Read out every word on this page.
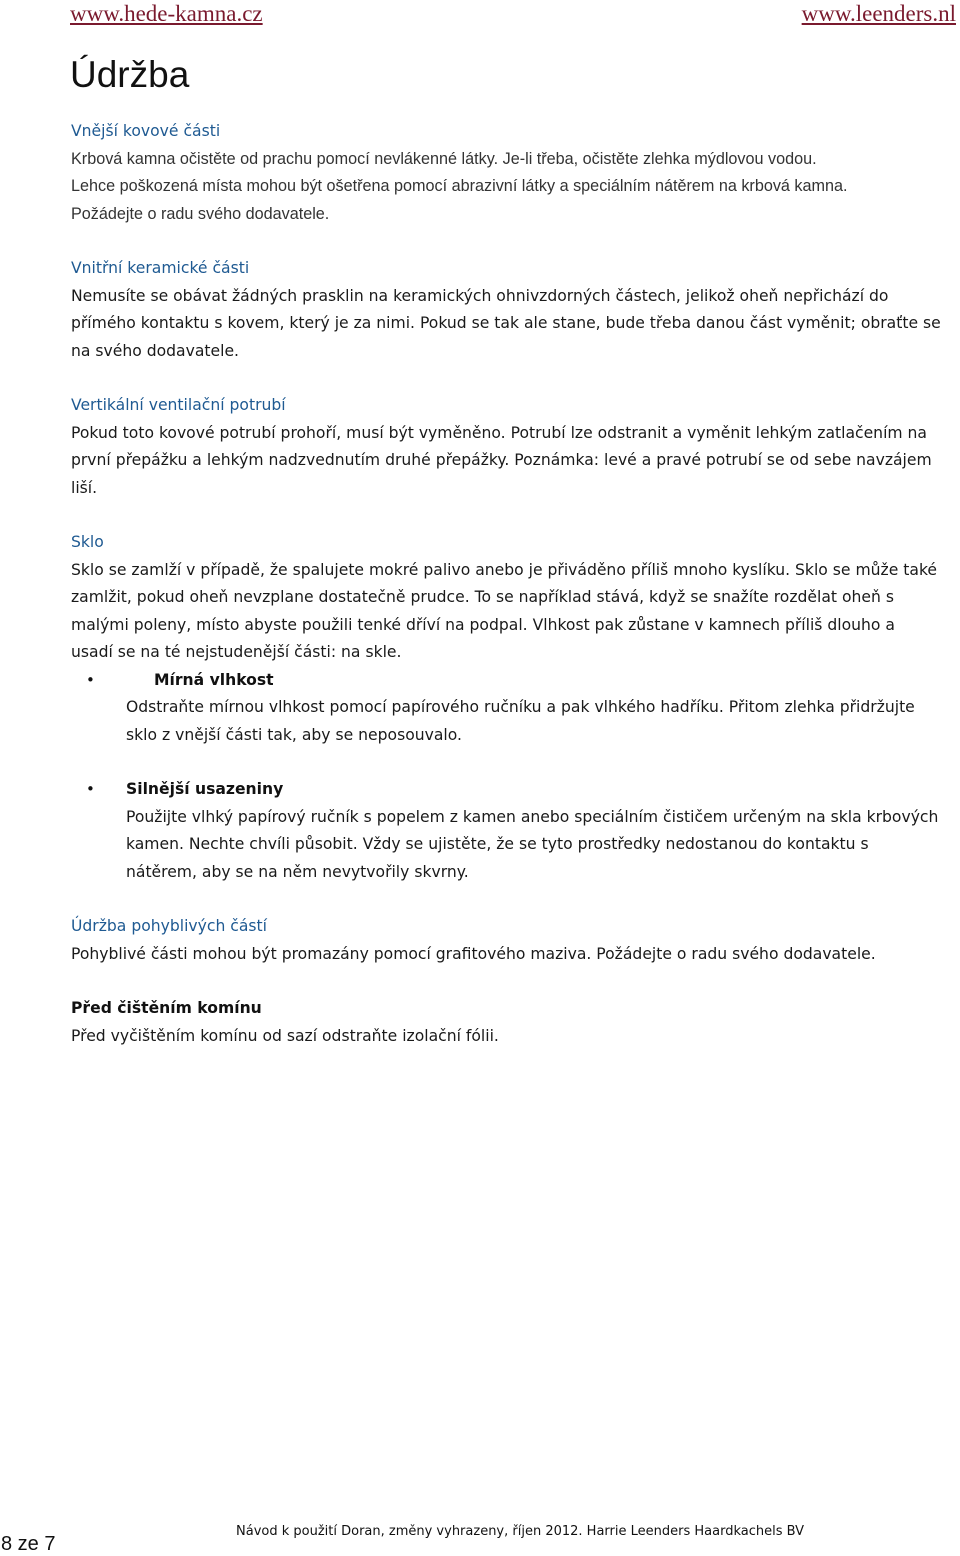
www.hede-kamna.cz	www.leenders.nl
Údržba
Vnější kovové části
Krbová kamna očistěte od prachu pomocí nevlákenné látky. Je-li třeba, očistěte zlehka mýdlovou vodou.
Lehce poškozená místa mohou být ošetřena pomocí abrazivní látky a speciálním nátěrem na krbová kamna.
Požádejte o radu svého dodavatele.
Vnitřní keramické části
Nemusíte se obávat žádných prasklin na keramických ohnivzdorných částech, jelikož oheň nepřichází do
přímého kontaktu s kovem, který je za nimi. Pokud se tak ale stane, bude třeba danou část vyměnit; obraťte se
na svého dodavatele.
Vertikální ventilační potrubí
Pokud toto kovové potrubí prohoří, musí být vyměněno. Potrubí lze odstranit a vyměnit lehkým zatlačením na
první přepážku a lehkým nadzvednutím druhé přepážky. Poznámka: levé a pravé potrubí se od sebe navzájem
liší.
Sklo
Sklo se zamlží v případě, že spalujete mokré palivo anebo je přiváděno příliš mnoho kyslíku. Sklo se může také
zamlžit, pokud oheň nevzplane dostatečně prudce. To se například stává, když se snažíte rozdělat oheň s
malými poleny, místo abyste použili tenké dříví na podpal. Vlhkost pak zůstane v kamnech příliš dlouho a
usadí se na té nejstudenější části: na skle.
•	Mírná vlhkost
Odstraňte mírnou vlhkost pomocí papírového ručníku a pak vlhkého hadříku. Přitom zlehka přidržujte
sklo z vnější části tak, aby se neposouvalo.
• Silnější usazeniny
Použijte vlhký papírový ručník s popelem z kamen anebo speciálním čističem určeným na skla krbových
kamen. Nechte chvíli působit. Vždy se ujistěte, že se tyto prostředky nedostanou do kontaktu s
nátěrem, aby se na něm nevytvořily skvrny.
Údržba pohyblivých částí
Pohyblivé části mohou být promazány pomocí grafitového maziva. Požádejte o radu svého dodavatele.
Před čištěním komínu
Před vyčištěním komínu od sazí odstraňte izolační fólii.
8 ze 7
Návod k použití Doran, změny vyhrazeny, říjen 2012. Harrie Leenders Haardkachels BV
